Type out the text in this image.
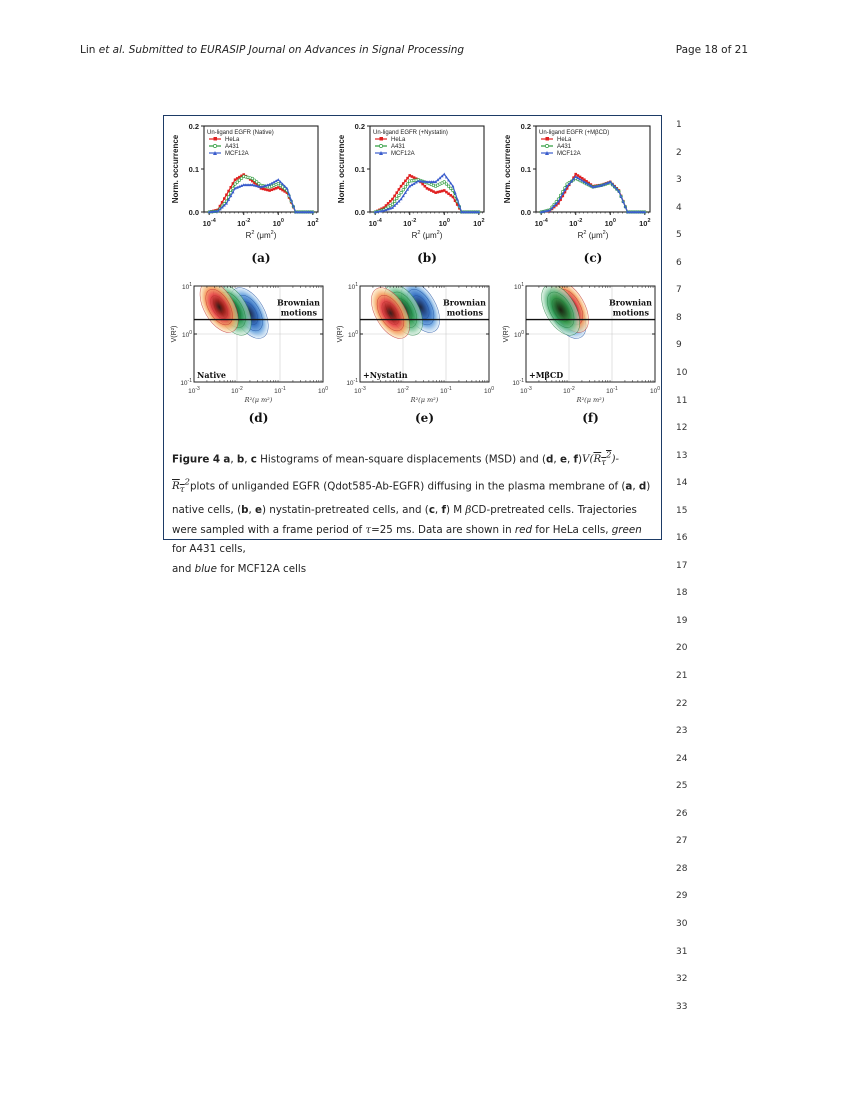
Lin et al. Submitted to EURASIP Journal on Advances in Signal Processing	Page 18 of 21
1
2
3
4
5
6
7
8
9
10
11
12
13
14
15
16
17
18
19
20
21
22
23
24
25
26
27
28
29
30
31
32
33
Norm. occurrence
0.0
0.1
0.2
$10^{-4}$	$10^{-2}$	$10^0$	$10^2$
$R^2$ $(\mu m^2)$
Un-ligand EGFR (Native)
HeLa
A431
MCF12A
(a)
Norm. occurrence
0.0
0.1
0.2
$10^{-4}$	$10^{-2}$	$10^0$	$10^2$
$R^2$ $(\mu m^2)$
Un-ligand EGFR (+Nystatin)
HeLa
A431
MCF12A
(b)
Norm. occurrence
0.0
0.1
0.2
$10^{-4}$	$10^{-2}$	$10^0$	$10^2$
$R^2$ $(\mu m^2)$
Un-ligand EGFR (+MβCD)
HeLa
A431
MCF12A
(c)
Brownian
motions
Native
$10^{-1}$
$10^0$
$10^1$
V(R²)
$10^{-3}$	$10^{-2}$	$10^{-1}$	$10^0$
R²(μ m²)
(d)
Brownian
motions
+Nystatin
$10^{-1}$
$10^0$
$10^1$
V(R²)
$10^{-3}$	$10^{-2}$	$10^{-1}$	$10^0$
R²(μ m²)
(e)
Brownian
motions
+MβCD
$10^{-1}$
$10^0$
$10^1$
V(R²)
$10^{-3}$	$10^{-2}$	$10^{-1}$	$10^0$
R²(μ m²)
(f)
Figure 4 a, b, c Histograms of mean-square displacements (MSD) and (d, e, $f)V(R_\tau^2)-R_\tau^2plots$ of unliganded EGFR (Qdot585-Ab-EGFR) diffusing in the plasma membrane of (a, d) native cells, (b, e) nystatin-pretreated cells, and (c, f) M βCD-pretreated cells. Trajectories were sampled with a frame period of τ=25 ms. Data are shown in red for HeLa cells, green for A431 cells,
and blue for MCF12A cells
